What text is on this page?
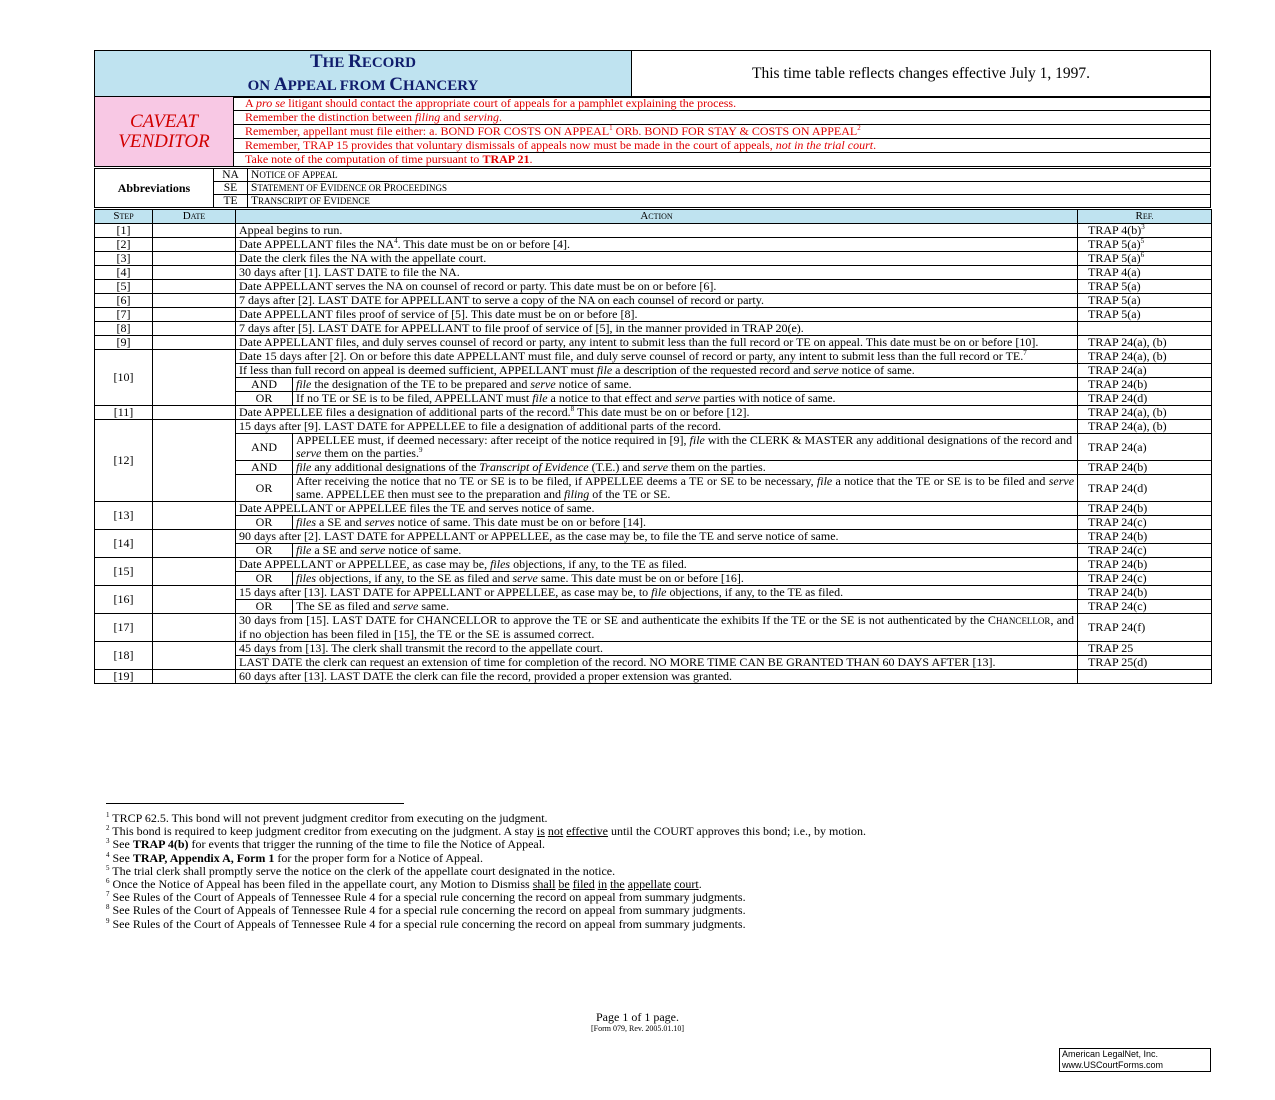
THE RECORD
ON APPEAL FROM CHANCERY	This time table reflects changes effective July 1, 1997.
CAVEAT
VENDITOR	A pro se litigant should contact the appropriate court of appeals for a pamphlet explaining the process.
Remember the distinction between filing and serving.
Remember, appellant must file either: a. BOND FOR COSTS ON APPEAL$^1$ ORb. BOND FOR STAY & COSTS ON APPEAL$^2$
Remember, TRAP 15 provides that voluntary dismissals of appeals now must be made in the court of appeals, not in the trial court.
Take note of the computation of time pursuant to TRAP 21.
Abbreviations	NA	NOTICE OF APPEAL
	SE	STATEMENT OF EVIDENCE OR PROCEEDINGS
	TE	TRANSCRIPT OF EVIDENCE
STEP	DATE	ACTION		REF.
[1]		Appeal begins to run.		TRAP $4(b)^3$
[2]		Date APPELLANT files the $NA^4$. This date must be on or before [4].		TRAP $5(a)^5$
[3]		Date the clerk files the NA with the appellate court.		TRAP $5(a)^6$
[4]		30 days after [1]. LAST DATE to file the NA.		TRAP 4(a)
[5]		Date APPELLANT serves the NA on counsel of record or party. This date must be on or before [6].		TRAP 5(a)
[6]		7 days after [2]. LAST DATE for APPELLANT to serve a copy of the NA on each counsel of record or party.		TRAP 5(a)
[7]		Date APPELLANT files proof of service of [5]. This date must be on or before [8].		TRAP 5(a)
[8]		7 days after [5]. LAST DATE for APPELLANT to file proof of service of [5], in the manner provided in TRAP 20(e).		
[9]		Date APPELLANT files, and duly serves counsel of record or party, any intent to submit less than the full record or TE on appeal. This date must be on or before [10].		TRAP 24(a), (b)
[10]		Date 15 days after [2]. On or before this date APPELLANT must file, and duly serve counsel of record or party, any intent to submit less than the full record or TE.$^7$		TRAP 24(a), (b)
		If less than full record on appeal is deemed sufficient, APPELLANT must file a description of the requested record and serve notice of same.		TRAP 24(a)
		AND	file the designation of the TE to be prepared and serve notice of same.	TRAP 24(b)
		OR	If no TE or SE is to be filed, APPELLANT must file a notice to that effect and serve parties with notice of same.	TRAP 24(d)
[11]		Date APPELLEE files a designation of additional parts of the record.$^8$ This date must be on or before [12].		TRAP 24(a), (b)
[12]		15 days after [9]. LAST DATE for APPELLEE to file a designation of additional parts of the record.		TRAP 24(a), (b)
		AND	APPELLEE must, if deemed necessary: after receipt of the notice required in [9], file with the CLERK & MASTER any additional designations of the record and serve them on the parties.$^9$	TRAP 24(a)
		AND	file any additional designations of the Transcript of Evidence (T.E.) and serve them on the parties.	TRAP 24(b)
		OR	After receiving the notice that no TE or SE is to be filed, if APPELLEE deems a TE or SE to be necessary, file a notice that the TE or SE is to be filed and serve same. APPELLEE then must see to the preparation and filing of the TE or SE.	TRAP 24(d)
[13]		Date APPELLANT or APPELLEE files the TE and serves notice of same.		TRAP 24(b)
		OR	files a SE and serves notice of same. This date must be on or before [14].	TRAP 24(c)
[14]		90 days after [2]. LAST DATE for APPELLANT or APPELLEE, as the case may be, to file the TE and serve notice of same.		TRAP 24(b)
		OR	file a SE and serve notice of same.	TRAP 24(c)
[15]		Date APPELLANT or APPELLEE, as case may be, files objections, if any, to the TE as filed.		TRAP 24(b)
		OR	files objections, if any, to the SE as filed and serve same. This date must be on or before [16].	TRAP 24(c)
[16]		15 days after [13]. LAST DATE for APPELLANT or APPELLEE, as case may be, to file objections, if any, to the TE as filed.		TRAP 24(b)
		OR	The SE as filed and serve same.	TRAP 24(c)
[17]		30 days from [15]. LAST DATE for CHANCELLOR to approve the TE or SE and authenticate the exhibits If the TE or the SE is not authenticated by the CHANCELLOR, and if no objection has been filed in [15], the TE or the SE is assumed correct.		TRAP 24(f)
[18]		45 days from [13]. The clerk shall transmit the record to the appellate court.		TRAP 25
		LAST DATE the clerk can request an extension of time for completion of the record. NO MORE TIME CAN BE GRANTED THAN 60 DAYS AFTER [13].		TRAP 25(d)
[19]		60 days after [13]. LAST DATE the clerk can file the record, provided a proper extension was granted.		
$^1$ TRCP 62.5. This bond will not prevent judgment creditor from executing on the judgment.
$^2$ This bond is required to keep judgment creditor from executing on the judgment. A stay is not effective until the COURT approves this bond; i.e., by motion.
$^3$ See TRAP 4(b) for events that trigger the running of the time to file the Notice of Appeal.
$^4$ See TRAP, Appendix A, Form 1 for the proper form for a Notice of Appeal.
$^5$ The trial clerk shall promptly serve the notice on the clerk of the appellate court designated in the notice.
$^6$ Once the Notice of Appeal has been filed in the appellate court, any Motion to Dismiss shall be filed in the appellate court.
$^7$ See Rules of the Court of Appeals of Tennessee Rule 4 for a special rule concerning the record on appeal from summary judgments.
$^8$ See Rules of the Court of Appeals of Tennessee Rule 4 for a special rule concerning the record on appeal from summary judgments.
$^9$ See Rules of the Court of Appeals of Tennessee Rule 4 for a special rule concerning the record on appeal from summary judgments.
Page 1 of 1 page.
[Form 079, Rev. 2005.01.10]
American LegalNet, Inc.
www.USCourtForms.com
